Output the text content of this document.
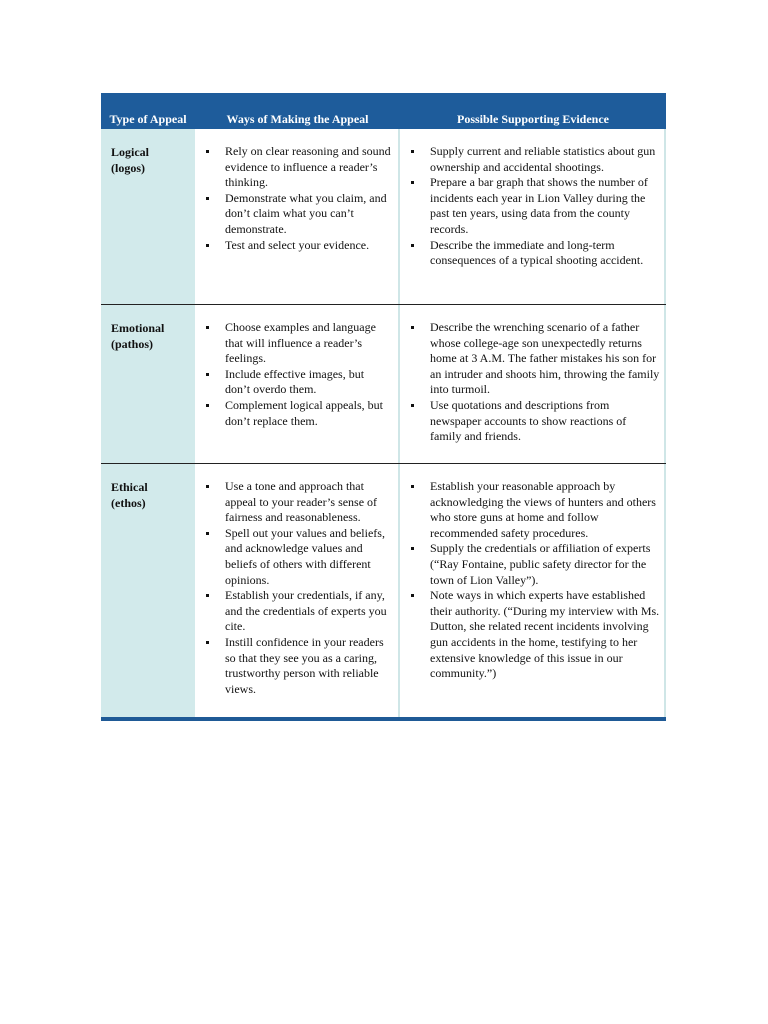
Type of Appeal	Ways of Making the Appeal	Possible Supporting Evidence
Logical
(logos)
Rely on clear reasoning and sound evidence to influence a reader’s thinking.
Demonstrate what you claim, and don’t claim what you can’t demonstrate.
Test and select your evidence.
Supply current and reliable statistics about gun ownership and accidental shootings.
Prepare a bar graph that shows the number of incidents each year in Lion Valley during the past ten years, using data from the county records.
Describe the immediate and long-term consequences of a typical shooting accident.
Emotional
(pathos)
Choose examples and language that will influence a reader’s feelings.
Include effective images, but don’t overdo them.
Complement logical appeals, but don’t replace them.
Describe the wrenching scenario of a father whose college-age son unexpectedly returns home at 3 A.M. The father mistakes his son for an intruder and shoots him, throwing the family into turmoil.
Use quotations and descriptions from newspaper accounts to show reactions of family and friends.
Ethical
(ethos)
Use a tone and approach that appeal to your reader’s sense of fairness and reasonableness.
Spell out your values and beliefs, and acknowledge values and beliefs of others with different opinions.
Establish your credentials, if any, and the credentials of experts you cite.
Instill confidence in your readers so that they see you as a caring, trustworthy person with reliable views.
Establish your reasonable approach by acknowledging the views of hunters and others who store guns at home and follow recommended safety procedures.
Supply the credentials or affiliation of experts (“Ray Fontaine, public safety director for the town of Lion Valley”).
Note ways in which experts have established their authority. (“During my interview with Ms. Dutton, she related recent incidents involving gun accidents in the home, testifying to her extensive knowledge of this issue in our community.”)
